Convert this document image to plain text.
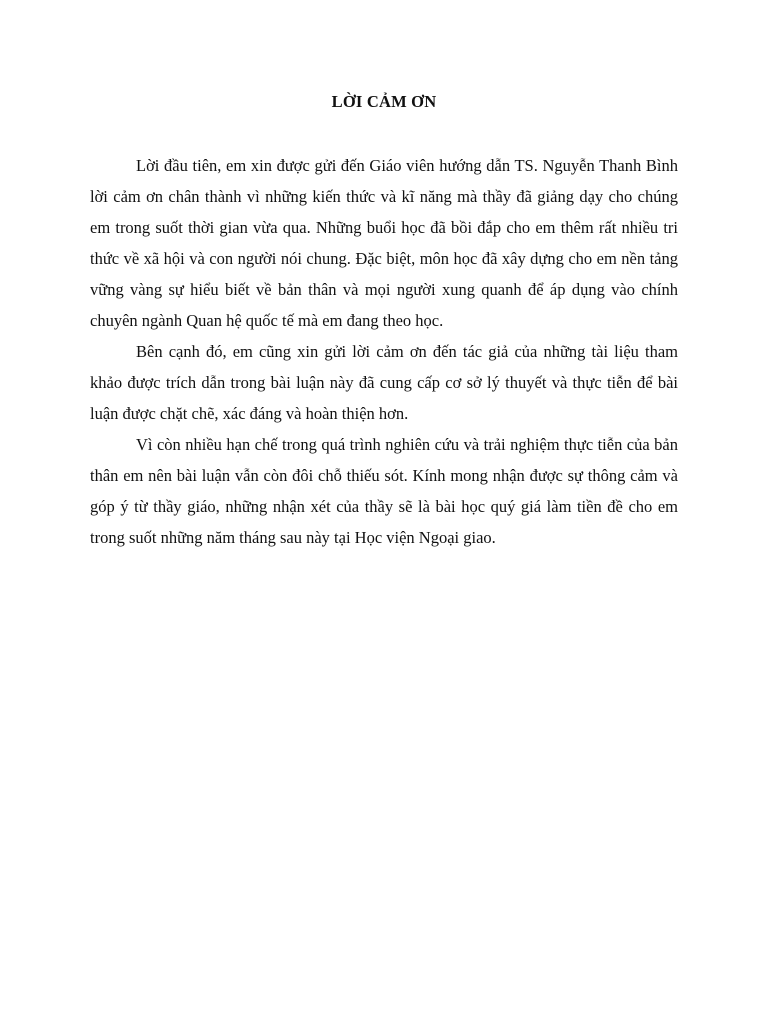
LỜI CẢM ƠN

Lời đầu tiên, em xin được gửi đến Giáo viên hướng dẫn TS. Nguyễn Thanh Bình lời cảm ơn chân thành vì những kiến thức và kĩ năng mà thầy đã giảng dạy cho chúng em trong suốt thời gian vừa qua. Những buổi học đã bồi đắp cho em thêm rất nhiều tri thức về xã hội và con người nói chung. Đặc biệt, môn học đã xây dựng cho em nền tảng vững vàng sự hiểu biết về bản thân và mọi người xung quanh để áp dụng vào chính chuyên ngành Quan hệ quốc tế mà em đang theo học.

Bên cạnh đó, em cũng xin gửi lời cảm ơn đến tác giả của những tài liệu tham khảo được trích dẫn trong bài luận này đã cung cấp cơ sở lý thuyết và thực tiễn để bài luận được chặt chẽ, xác đáng và hoàn thiện hơn.

Vì còn nhiều hạn chế trong quá trình nghiên cứu và trải nghiệm thực tiễn của bản thân em nên bài luận vẫn còn đôi chỗ thiếu sót. Kính mong nhận được sự thông cảm và góp ý từ thầy giáo, những nhận xét của thầy sẽ là bài học quý giá làm tiền đề cho em trong suốt những năm tháng sau này tại Học viện Ngoại giao.
